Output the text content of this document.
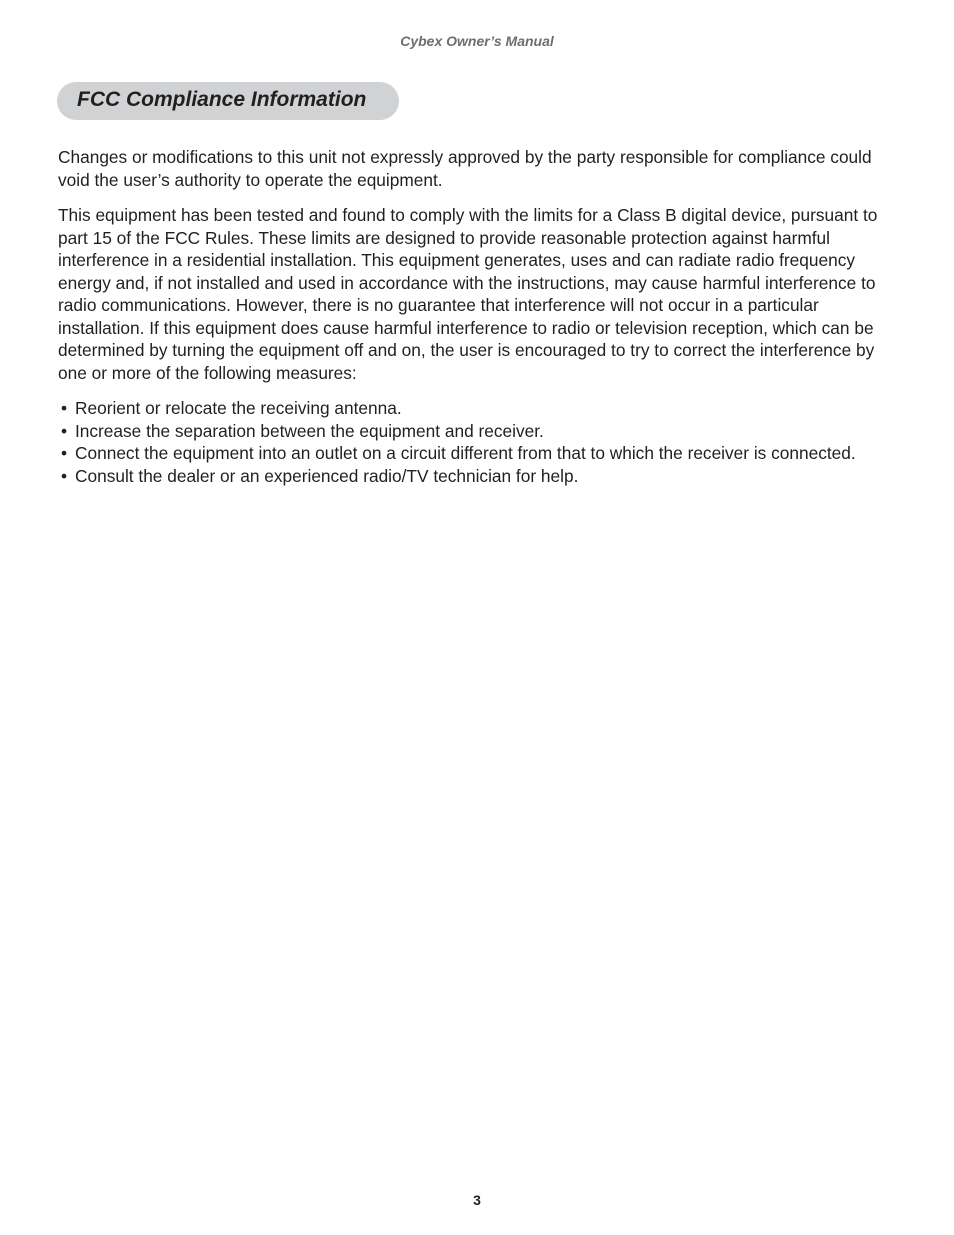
Cybex Owner’s Manual
FCC Compliance Information

Changes or modifications to this unit not expressly approved by the party responsible for compliance could void the user’s authority to operate the equipment.

This equipment has been tested and found to comply with the limits for a Class B digital device, pursuant to part 15 of the FCC Rules. These limits are designed to provide reasonable protection against harmful interference in a residential installation. This equipment generates, uses and can radiate radio frequency energy and, if not installed and used in accordance with the instructions, may cause harmful interference to radio communications. However, there is no guarantee that interference will not occur in a particular installation. If this equipment does cause harmful interference to radio or television reception, which can be determined by turning the equipment off and on, the user is encouraged to try to correct the interference by one or more of the following measures:

• Reorient or relocate the receiving antenna.
• Increase the separation between the equipment and receiver.
• Connect the equipment into an outlet on a circuit different from that to which the receiver is connected.
• Consult the dealer or an experienced radio/TV technician for help.
3
